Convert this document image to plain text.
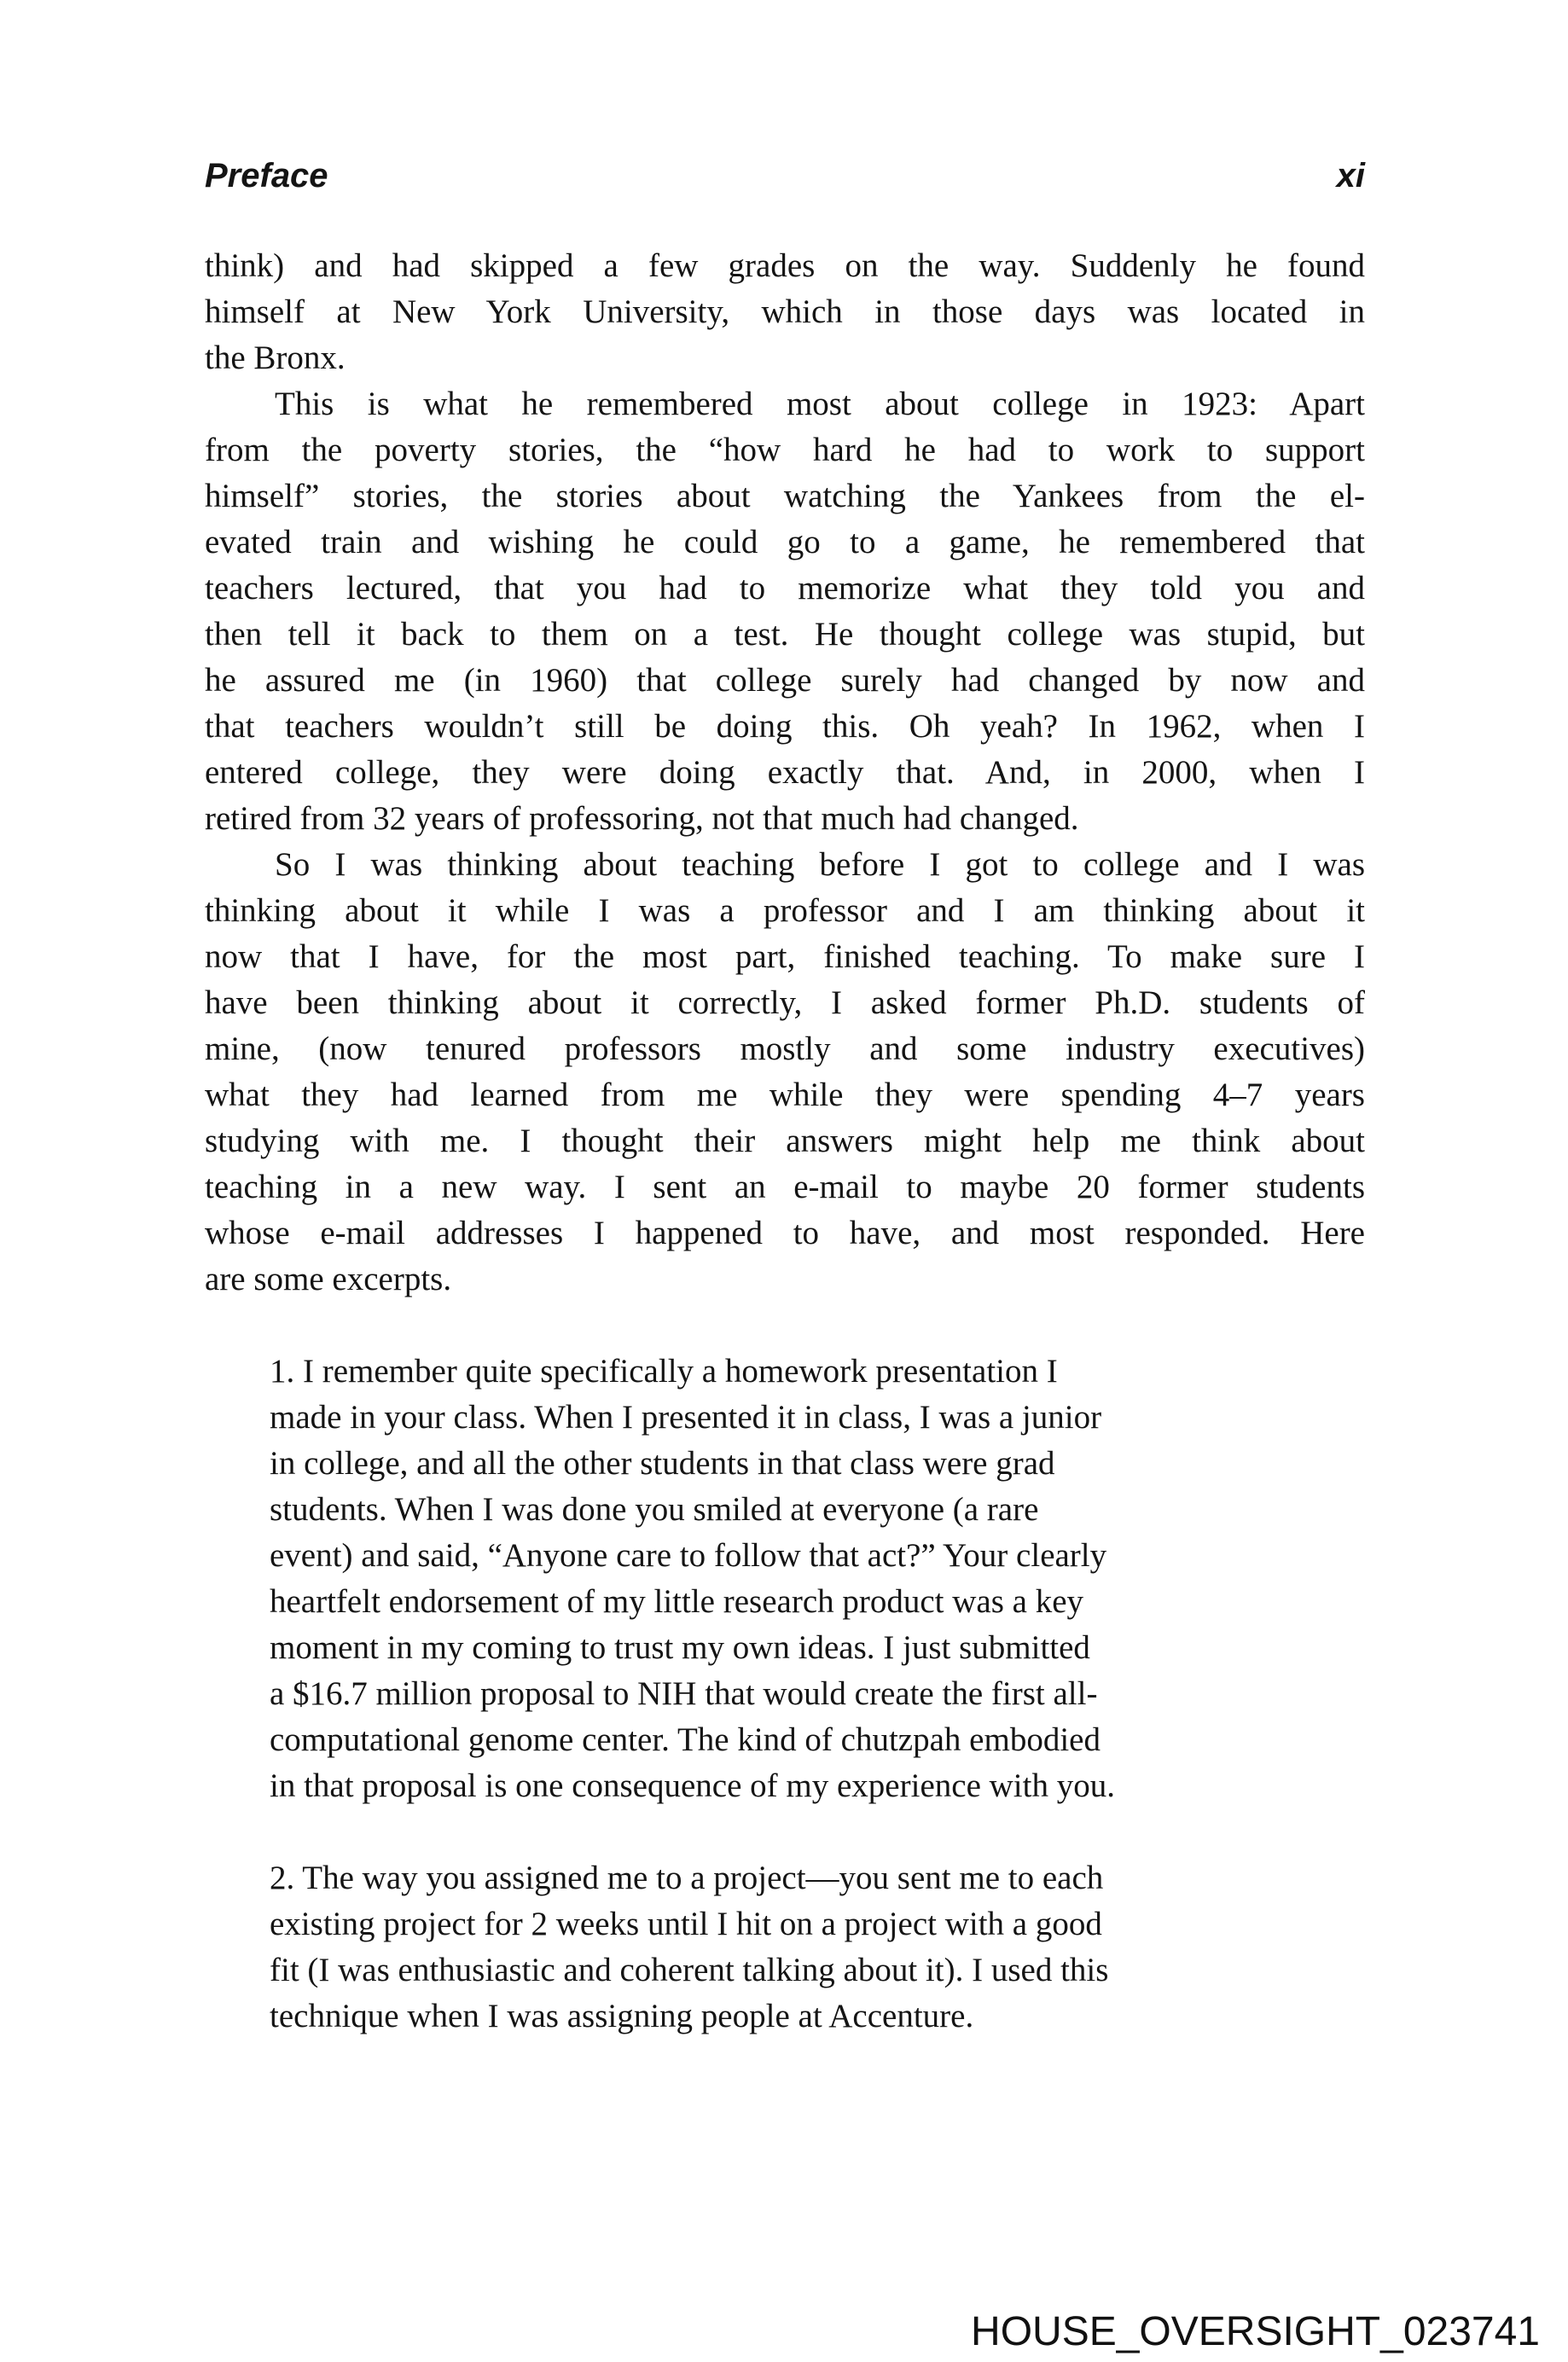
Preface	xi
think) and had skipped a few grades on the way. Suddenly he found
himself at New York University, which in those days was located in
the Bronx.
This is what he remembered most about college in 1923: Apart
from the poverty stories, the “how hard he had to work to support
himself” stories, the stories about watching the Yankees from the el-
evated train and wishing he could go to a game, he remembered that
teachers lectured, that you had to memorize what they told you and
then tell it back to them on a test. He thought college was stupid, but
he assured me (in 1960) that college surely had changed by now and
that teachers wouldn’t still be doing this. Oh yeah? In 1962, when I
entered college, they were doing exactly that. And, in 2000, when I
retired from 32 years of professoring, not that much had changed.
So I was thinking about teaching before I got to college and I was
thinking about it while I was a professor and I am thinking about it
now that I have, for the most part, finished teaching. To make sure I
have been thinking about it correctly, I asked former Ph.D. students of
mine, (now tenured professors mostly and some industry executives)
what they had learned from me while they were spending 4–7 years
studying with me. I thought their answers might help me think about
teaching in a new way. I sent an e-mail to maybe 20 former students
whose e-mail addresses I happened to have, and most responded. Here
are some excerpts.
1. I remember quite specifically a homework presentation I
made in your class. When I presented it in class, I was a junior
in college, and all the other students in that class were grad
students. When I was done you smiled at everyone (a rare
event) and said, “Anyone care to follow that act?” Your clearly
heartfelt endorsement of my little research product was a key
moment in my coming to trust my own ideas. I just submitted
a $16.7 million proposal to NIH that would create the first all-
computational genome center. The kind of chutzpah embodied
in that proposal is one consequence of my experience with you.
2. The way you assigned me to a project—you sent me to each
existing project for 2 weeks until I hit on a project with a good
fit (I was enthusiastic and coherent talking about it). I used this
technique when I was assigning people at Accenture.
HOUSE_OVERSIGHT_023741
